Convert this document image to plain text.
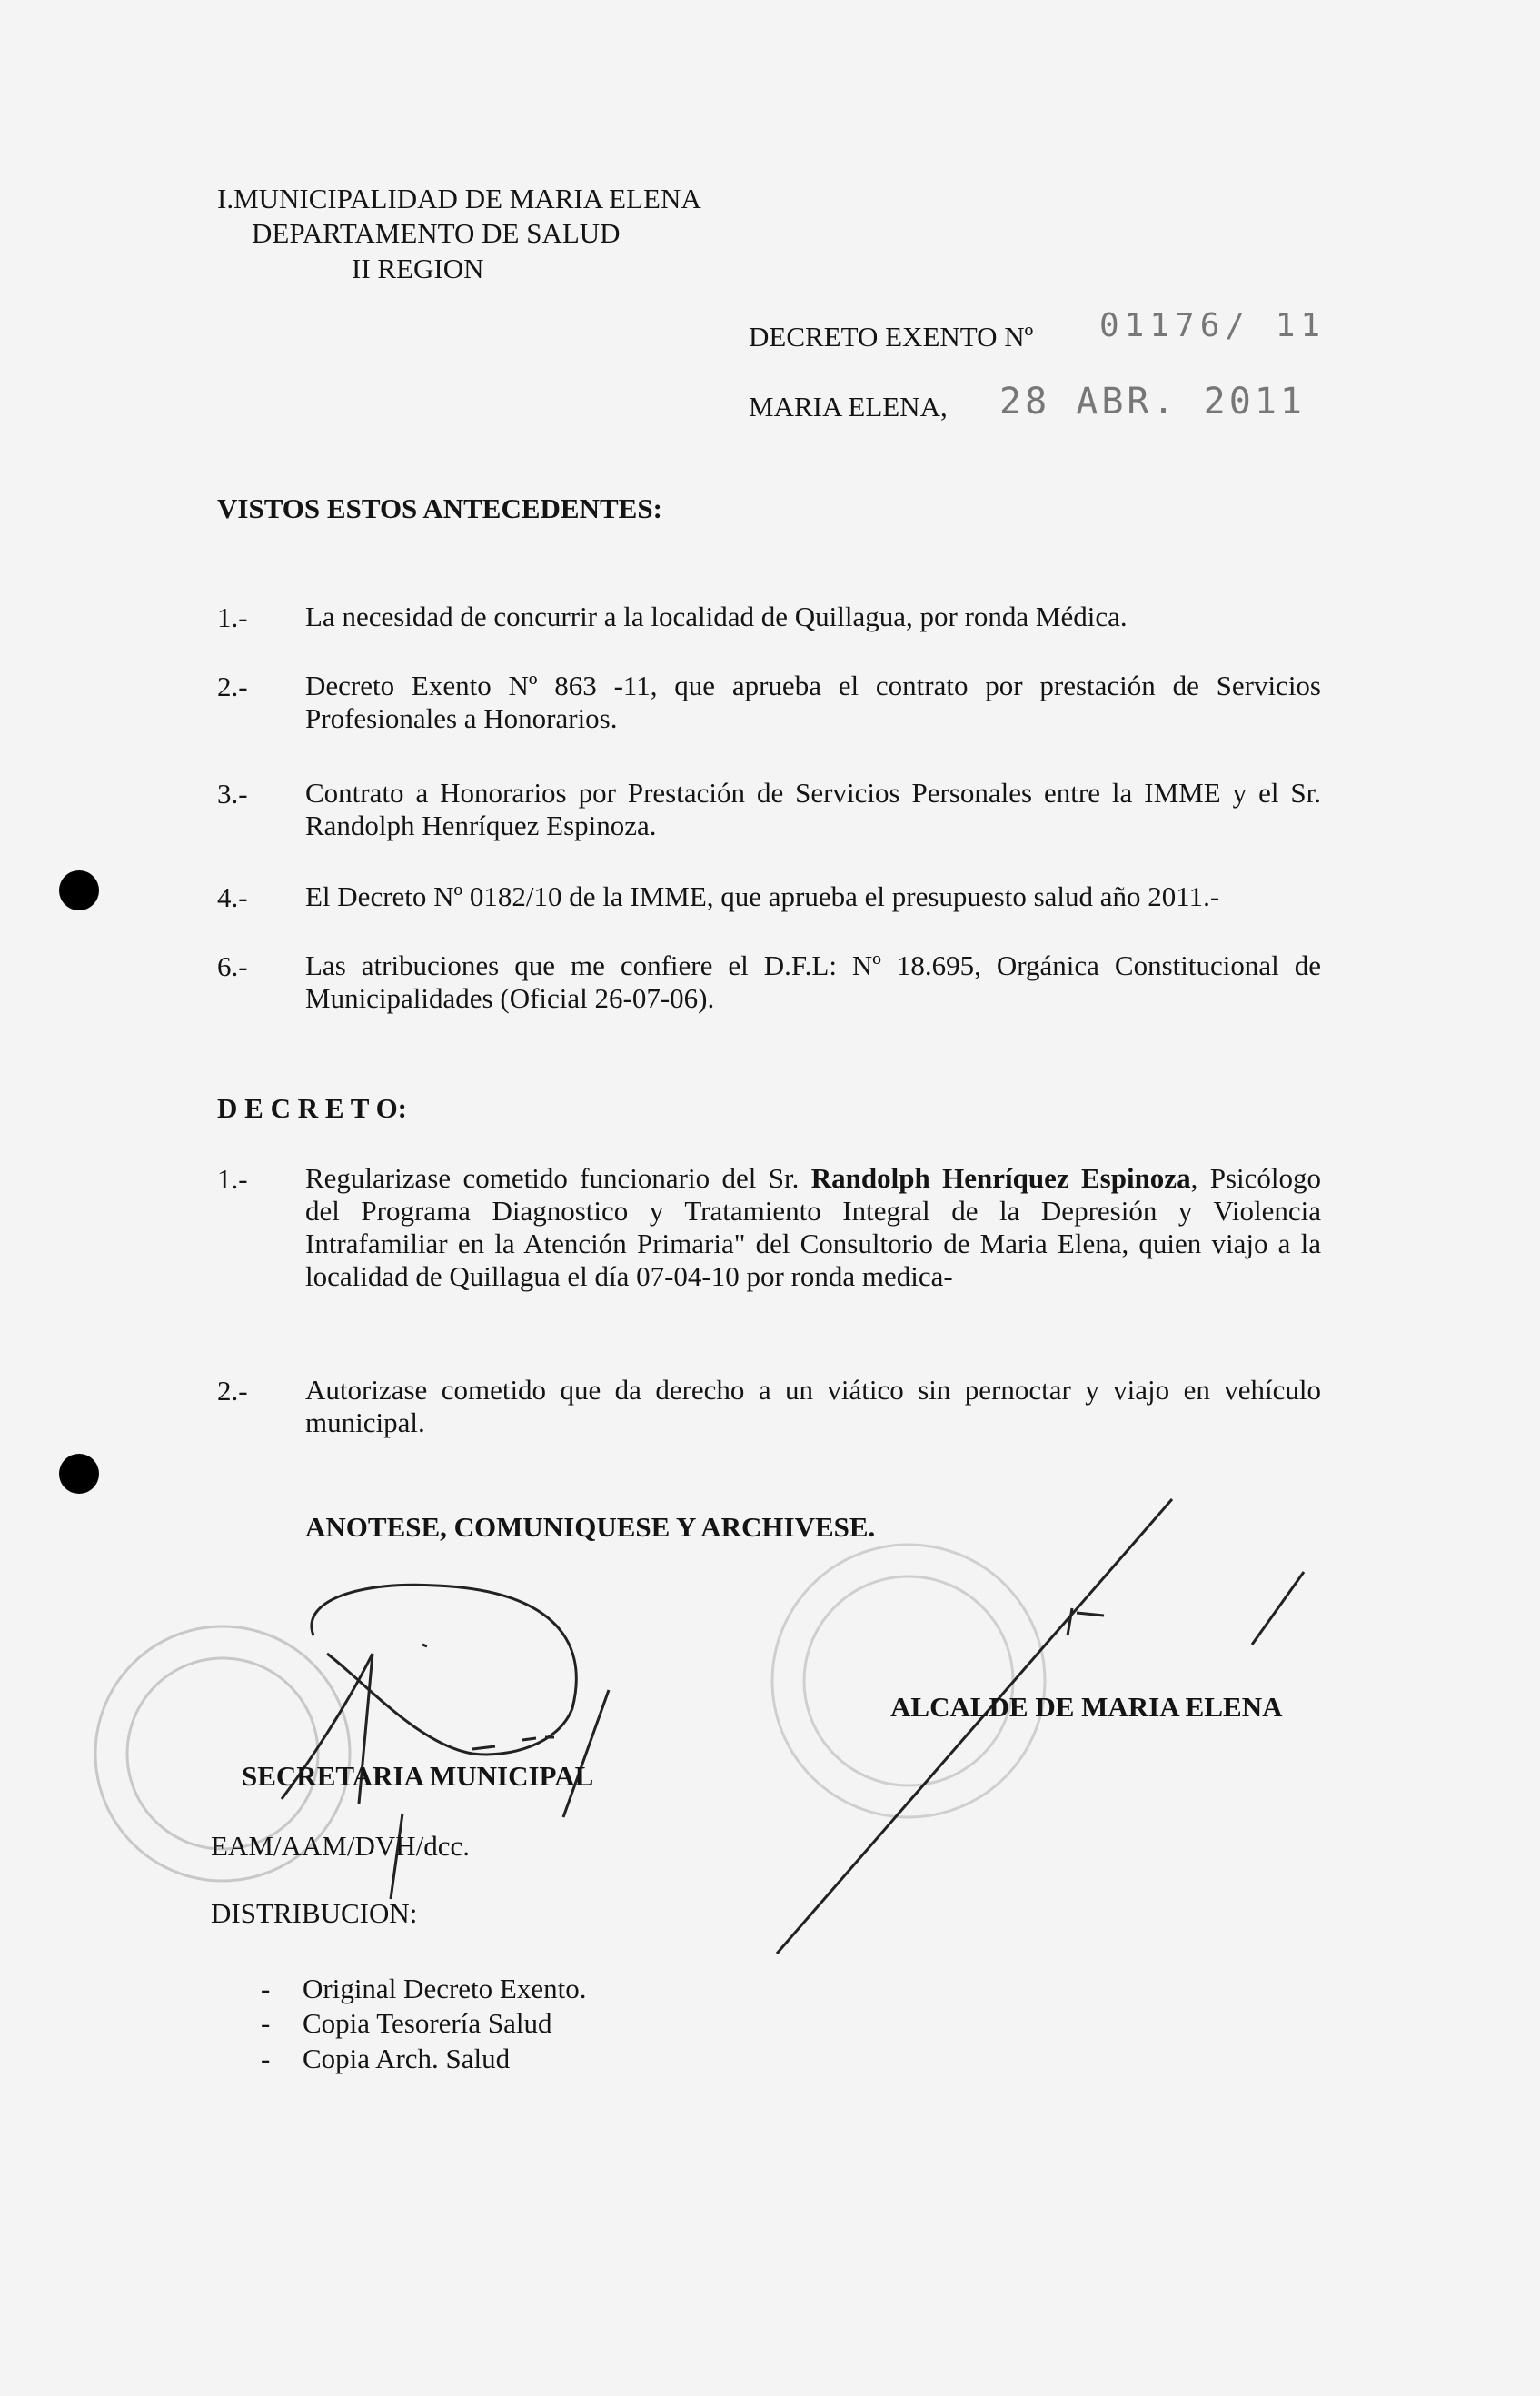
I.MUNICIPALIDAD DE MARIA ELENA
DEPARTAMENTO DE SALUD
II REGION
DECRETO EXENTO Nº 01176/ 11
MARIA ELENA, 28 ABR. 2011
VISTOS ESTOS ANTECEDENTES:
1.- La necesidad de concurrir a la localidad de Quillagua, por ronda Médica.
2.- Decreto Exento Nº 863 -11, que aprueba el contrato por prestación de Servicios Profesionales a Honorarios.
3.- Contrato a Honorarios por Prestación de Servicios Personales entre la IMME y el Sr. Randolph Henríquez Espinoza.
4.- El Decreto Nº 0182/10 de la IMME, que aprueba el presupuesto salud año 2011.-
6.- Las atribuciones que me confiere el D.F.L: Nº 18.695, Orgánica Constitucional de Municipalidades (Oficial 26-07-06).
D E C R E T O:
1.- Regularizase cometido funcionario del Sr. Randolph Henríquez Espinoza, Psicólogo del Programa Diagnostico y Tratamiento Integral de la Depresión y Violencia Intrafamiliar en la Atención Primaria" del Consultorio de Maria Elena, quien viajo a la localidad de Quillagua el día 07-04-10 por ronda medica-
2.- Autorizase cometido que da derecho a un viático sin pernoctar y viajo en vehículo municipal.
ANOTESE, COMUNIQUESE Y ARCHIVESE.
SECRETARIA MUNICIPAL
ALCALDE DE MARIA ELENA
EAM/AAM/DVH/dcc.
DISTRIBUCION:
- Original Decreto Exento.
- Copia Tesorería Salud
- Copia Arch. Salud
